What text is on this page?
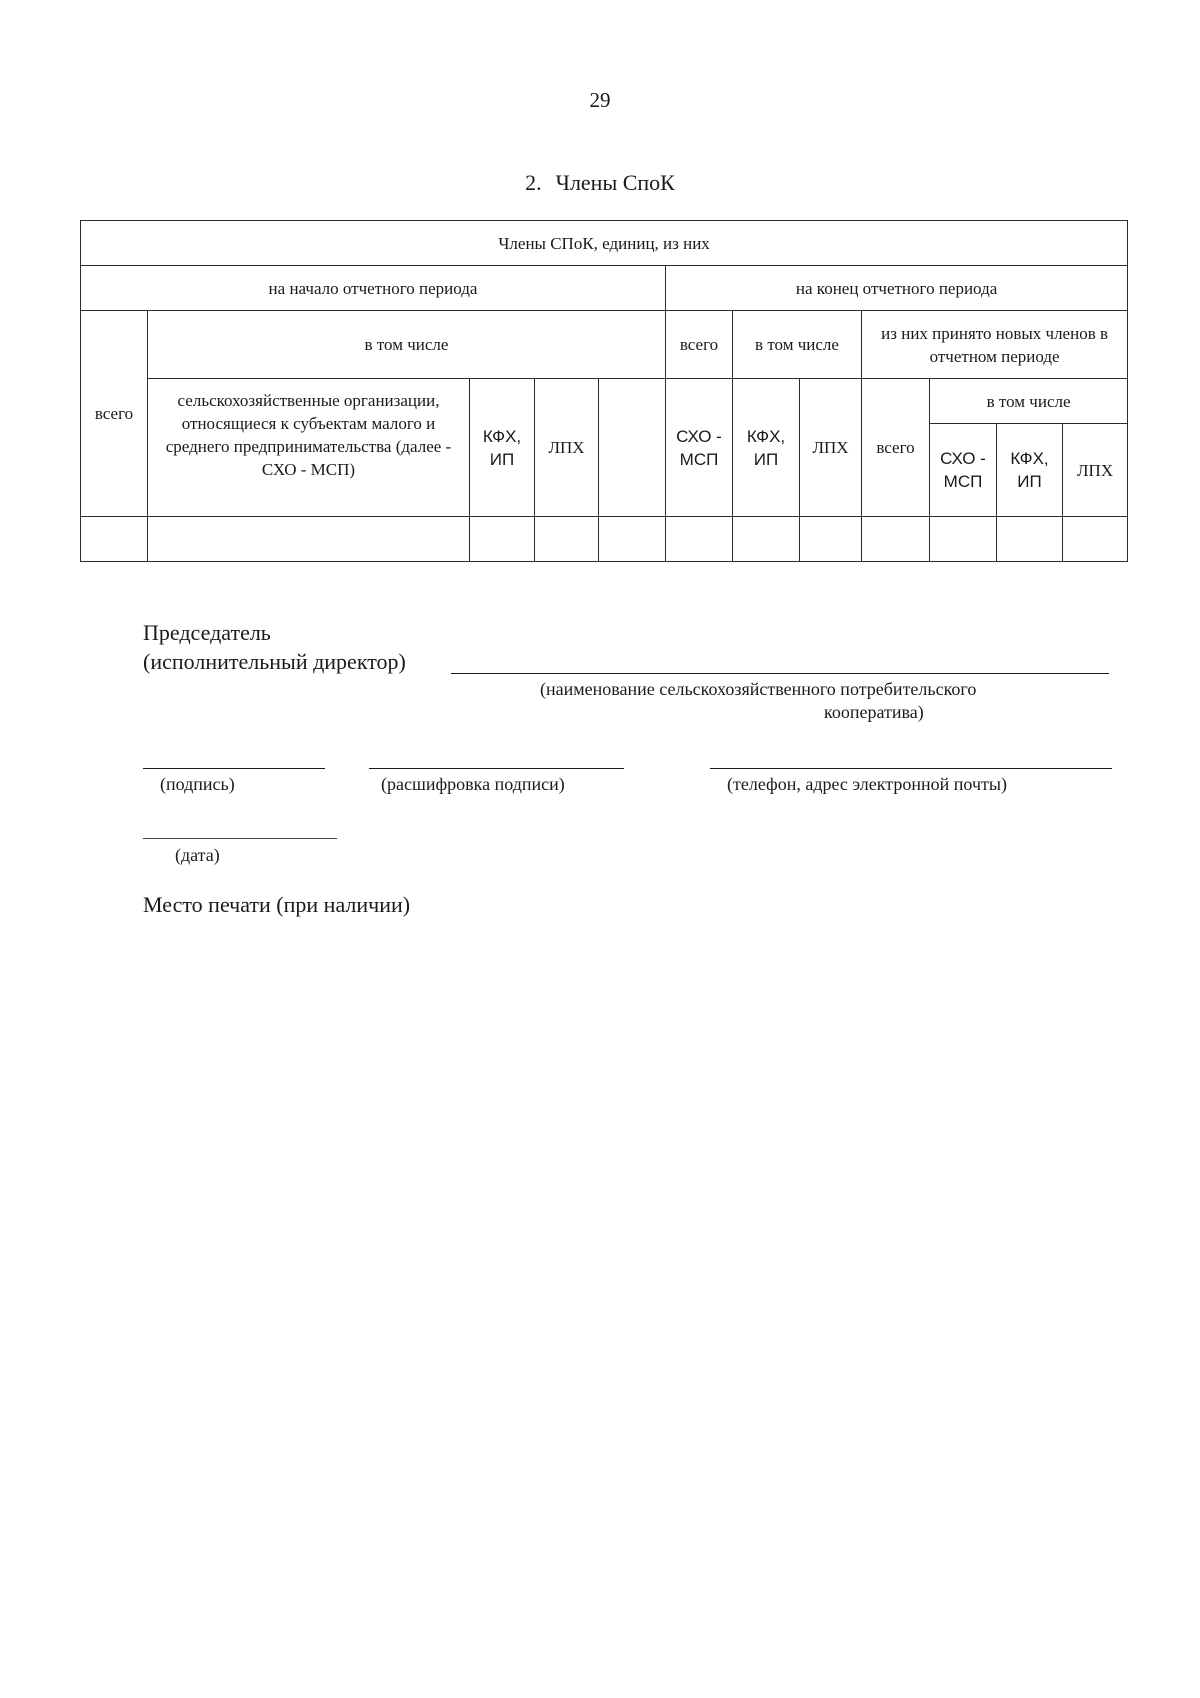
29
2. Члены СпоК
Члены СПоК, единиц, из них											
на начало отчетного периода					на конец отчетного периода						
всего	в том числе				всего	в том числе		из них принято новых членов в отчетном периоде			
	сельскохозяйственные организации, относящиеся к субъектам малого и среднего предпринимательства (далее - СХО - МСП)	КФХ, ИП	ЛПХ		СХО - МСП	КФХ, ИП	ЛПХ	всего	в том числе		
									СХО - МСП	КФХ, ИП	ЛПХ

Председатель
(исполнительный директор)
(наименование сельскохозяйственного потребительского
кооператива)
(подпись)	(расшифровка подписи)	(телефон, адрес электронной почты)
(дата)
Место печати (при наличии)
